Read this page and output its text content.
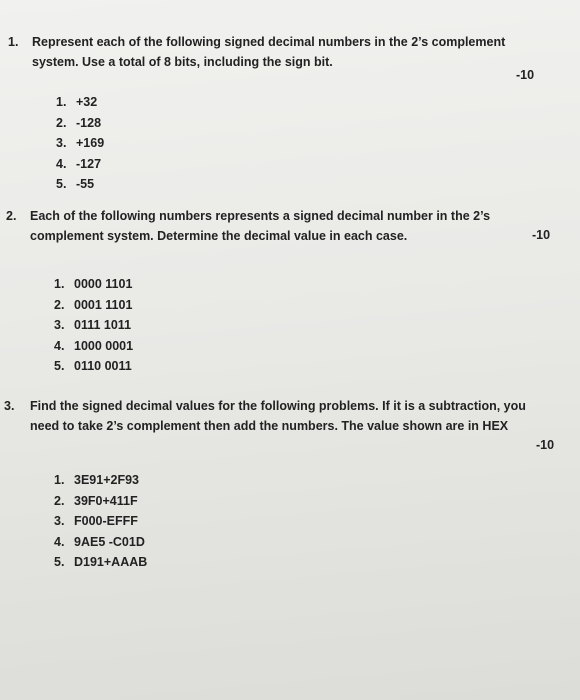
1. Represent each of the following signed decimal numbers in the 2’s complement
system. Use a total of 8 bits, including the sign bit.
-10
1. +32
2. -128
3. +169
4. -127
5. -55
2. Each of the following numbers represents a signed decimal number in the 2’s
complement system. Determine the decimal value in each case.	-10
1. 0000 1101
2. 0001 1101
3. 0111 1011
4. 1000 0001
5. 0110 0011
3. Find the signed decimal values for the following problems. If it is a subtraction, you
need to take 2’s complement then add the numbers. The value shown are in HEX
-10
1. 3E91+2F93
2. 39F0+411F
3. F000-EFFF
4. 9AE5 -C01D
5. D191+AAAB
